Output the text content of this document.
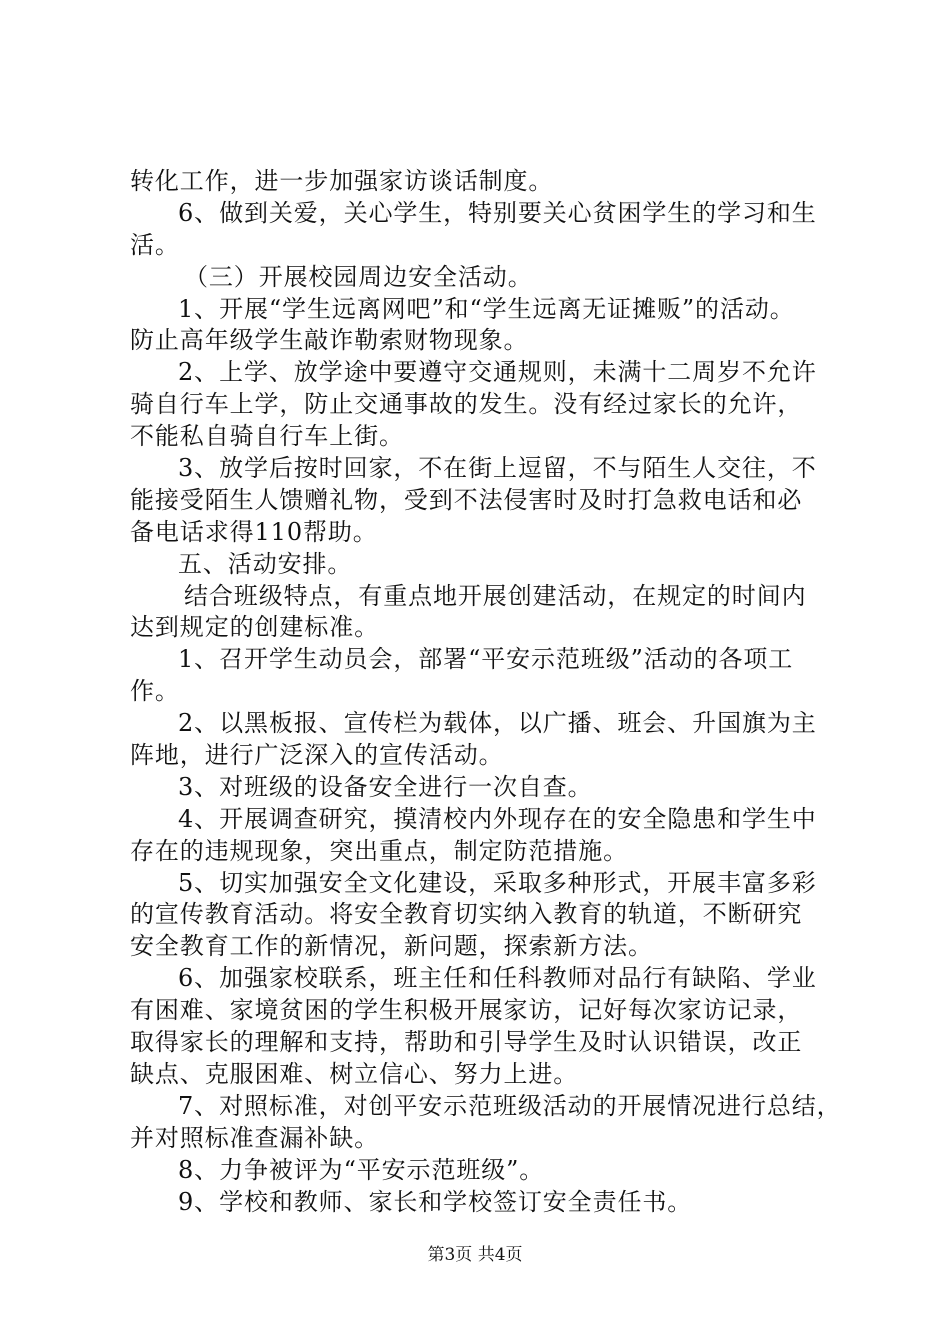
转化工作，进一步加强家访谈话制度。
6、做到关爱，关心学生，特别要关心贫困学生的学习和生
活。
（三）开展校园周边安全活动。
1、开展“学生远离网吧”和“学生远离无证摊贩”的活动。
防止高年级学生敲诈勒索财物现象。
2、上学、放学途中要遵守交通规则，未满十二周岁不允许
骑自行车上学，防止交通事故的发生。没有经过家长的允许，
不能私自骑自行车上街。
3、放学后按时回家，不在街上逗留，不与陌生人交往，不
能接受陌生人馈赠礼物，受到不法侵害时及时打急救电话和必
备电话求得110帮助。
五、活动安排。
结合班级特点，有重点地开展创建活动，在规定的时间内
达到规定的创建标准。
1、召开学生动员会，部署“平安示范班级”活动的各项工
作。
2、以黑板报、宣传栏为载体，以广播、班会、升国旗为主
阵地，进行广泛深入的宣传活动。
3、对班级的设备安全进行一次自查。
4、开展调查研究，摸清校内外现存在的安全隐患和学生中
存在的违规现象，突出重点，制定防范措施。
5、切实加强安全文化建设，采取多种形式，开展丰富多彩
的宣传教育活动。将安全教育切实纳入教育的轨道，不断研究
安全教育工作的新情况，新问题，探索新方法。
6、加强家校联系，班主任和任科教师对品行有缺陷、学业
有困难、家境贫困的学生积极开展家访，记好每次家访记录，
取得家长的理解和支持，帮助和引导学生及时认识错误，改正
缺点、克服困难、树立信心、努力上进。
7、对照标准，对创平安示范班级活动的开展情况进行总结，
并对照标准查漏补缺。
8、力争被评为“平安示范班级”。
9、学校和教师、家长和学校签订安全责任书。
第3页 共4页
